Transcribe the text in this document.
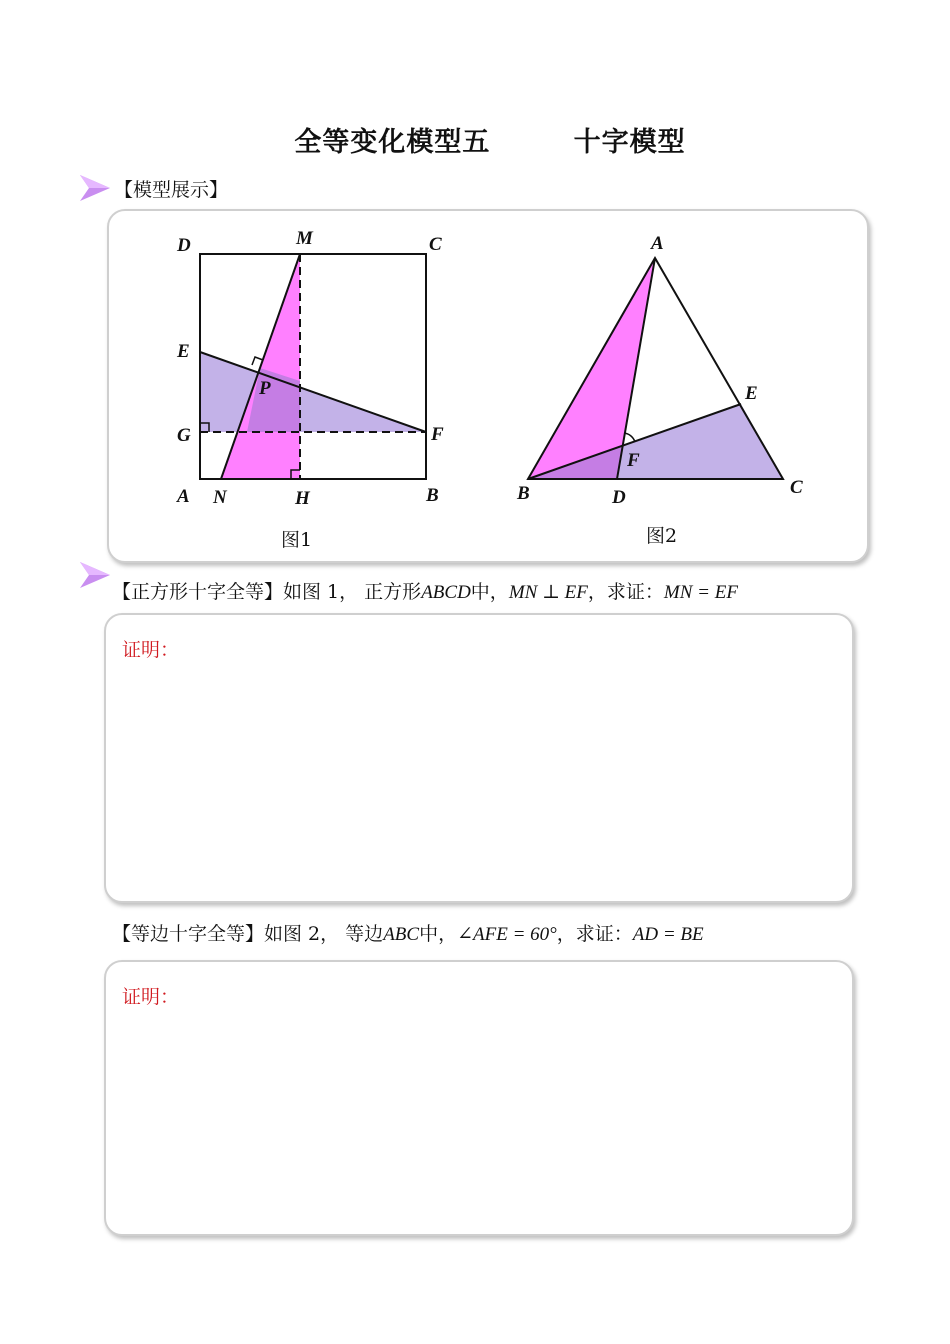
全等变化模型五        十字模型
【模型展示】
D	M	C
E
P
G	F
A N	H	B
A
E
F
B	D	C
图1	图2
【正方形十字全等】如图 1， 正方形ABCD中，MN ⊥ EF，求证：MN = EF
证明：
【等边十字全等】如图 2， 等边ABC中，∠AFE = 60°，求证：AD = BE
证明：
